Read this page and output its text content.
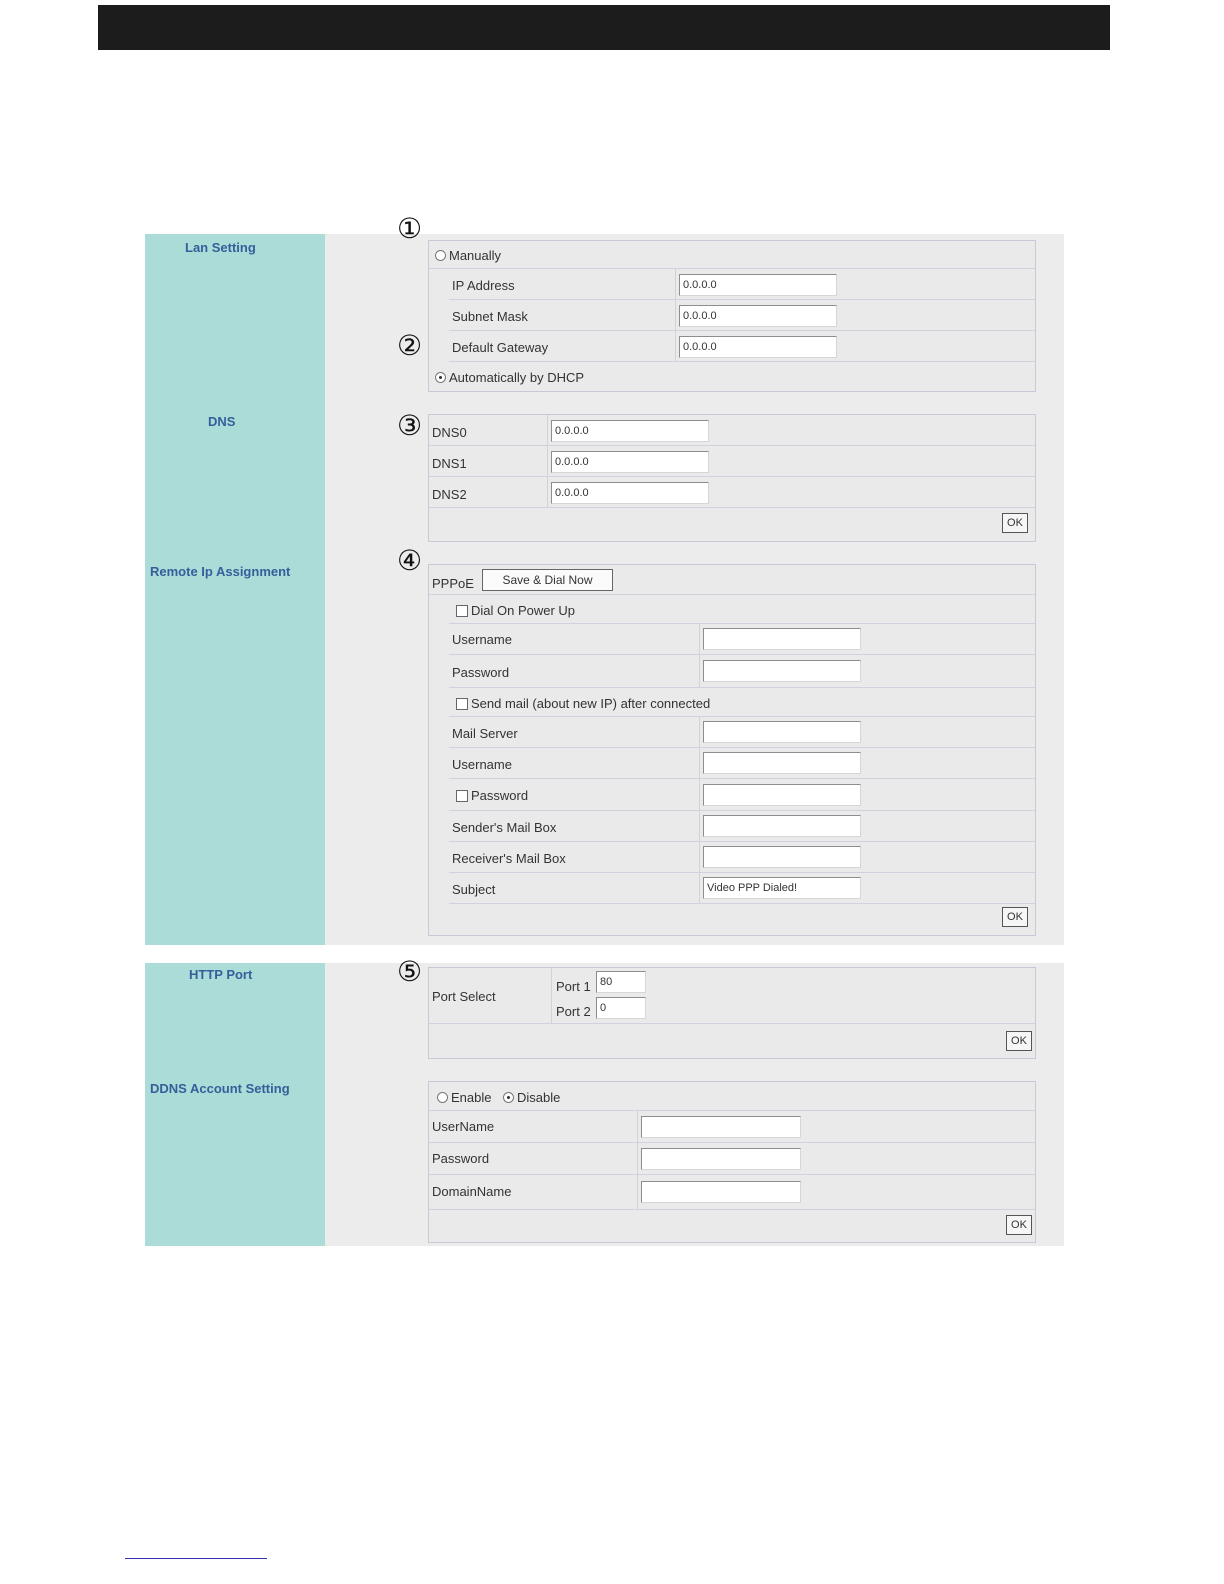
Lan Setting
DNS
Remote Ip Assignment
Manually
IP Address
0.0.0.0
Subnet Mask
0.0.0.0
Default Gateway
0.0.0.0
Automatically by DHCP
DNS0
0.0.0.0
DNS1
0.0.0.0
DNS2
0.0.0.0
OK
PPPoE	Save & Dial Now
Dial On Power Up
Username
Password
Send mail (about new IP) after connected
Mail Server
Username
Password
Sender's Mail Box
Receiver's Mail Box
Subject
Video PPP Dialed!
OK
HTTP Port
DDNS Account Setting
Port Select
Port 1
80
Port 2
0
OK
Enable	Disable
UserName
Password
DomainName
OK
①
②
③
④
⑤
